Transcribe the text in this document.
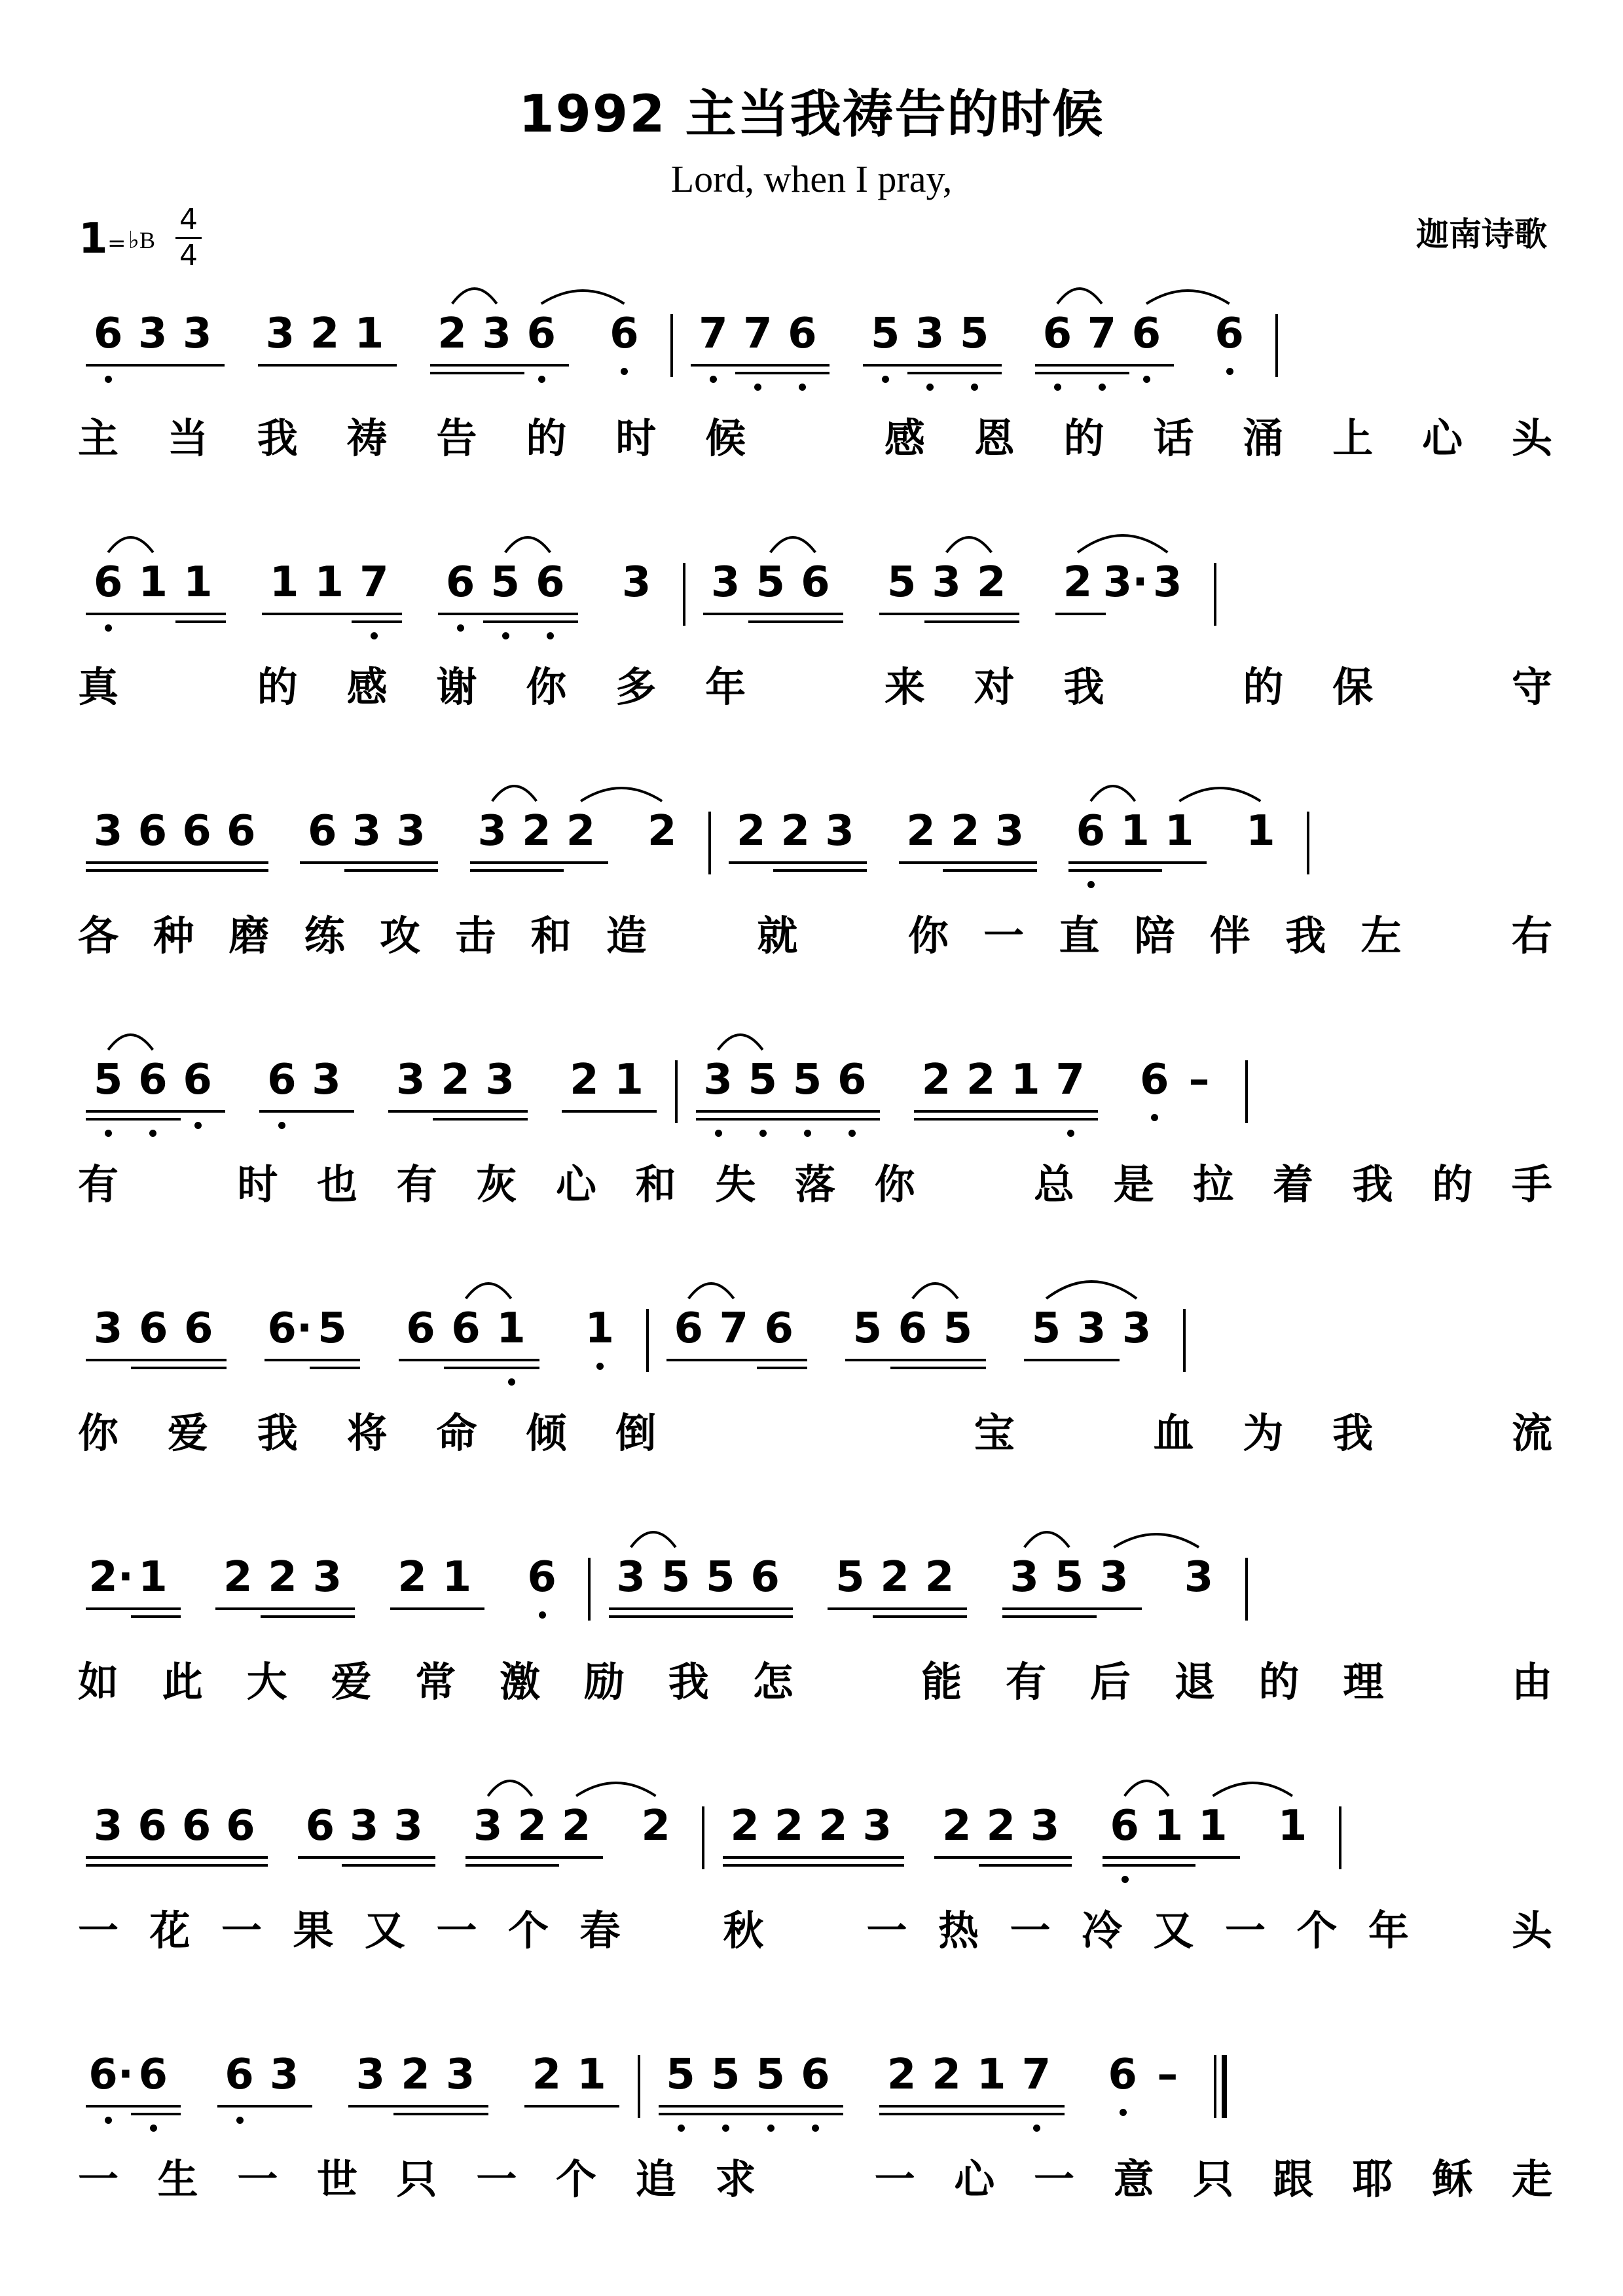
1992 主当我祷告的时候
Lord, when I pray,
1 = ♭B
4
4
迦南诗歌
6 3 3 3 2 1 2 3 6 6 7 7 6 5 3 5 6 7 6 6
主 当 我 祷 告 的 时 候	感 恩 的 话 涌 上 心 头
6 1 1 1 1 7 6 5 6 3 3 5 6 5 3 2 2 3· 3
真	的 感 谢 你 多 年	来 对 我	的 保	守
3 6 6 6 6 3 3 3 2 2 2 2 2 3 2 2 3 6 1 1 1
各 种 磨 练 攻 击 和 造	就	你 一 直 陪 伴 我 左	右
5 6 6 6 3 3 2 3 2 1 3 5 5 6 2 2 1 7 6 –
有	时 也 有 灰 心 和 失 落 你	总 是 拉 着 我 的 手
3 6 6 6· 5 6 6 1 1 6 7 6 5 6 5 5 3 3
你 爱 我 将 命 倾 倒	宝	血 为 我	流
2· 1 2 2 3 2 1 6 3 5 5 6 5 2 2 3 5 3 3
如 此 大 爱 常 激 励 我 怎	能 有 后 退 的 理	由
3 6 6 6 6 3 3 3 2 2 2 2 2 2 3 2 2 3 6 1 1 1
一 花 一 果 又 一 个 春	秋	一 热 一 冷 又 一 个 年	头
6· 6 6 3 3 2 3 2 1 5 5 5 6 2 2 1 7 6 –
一 生 一 世 只 一 个 追 求	一 心 一 意 只 跟 耶 稣 走
